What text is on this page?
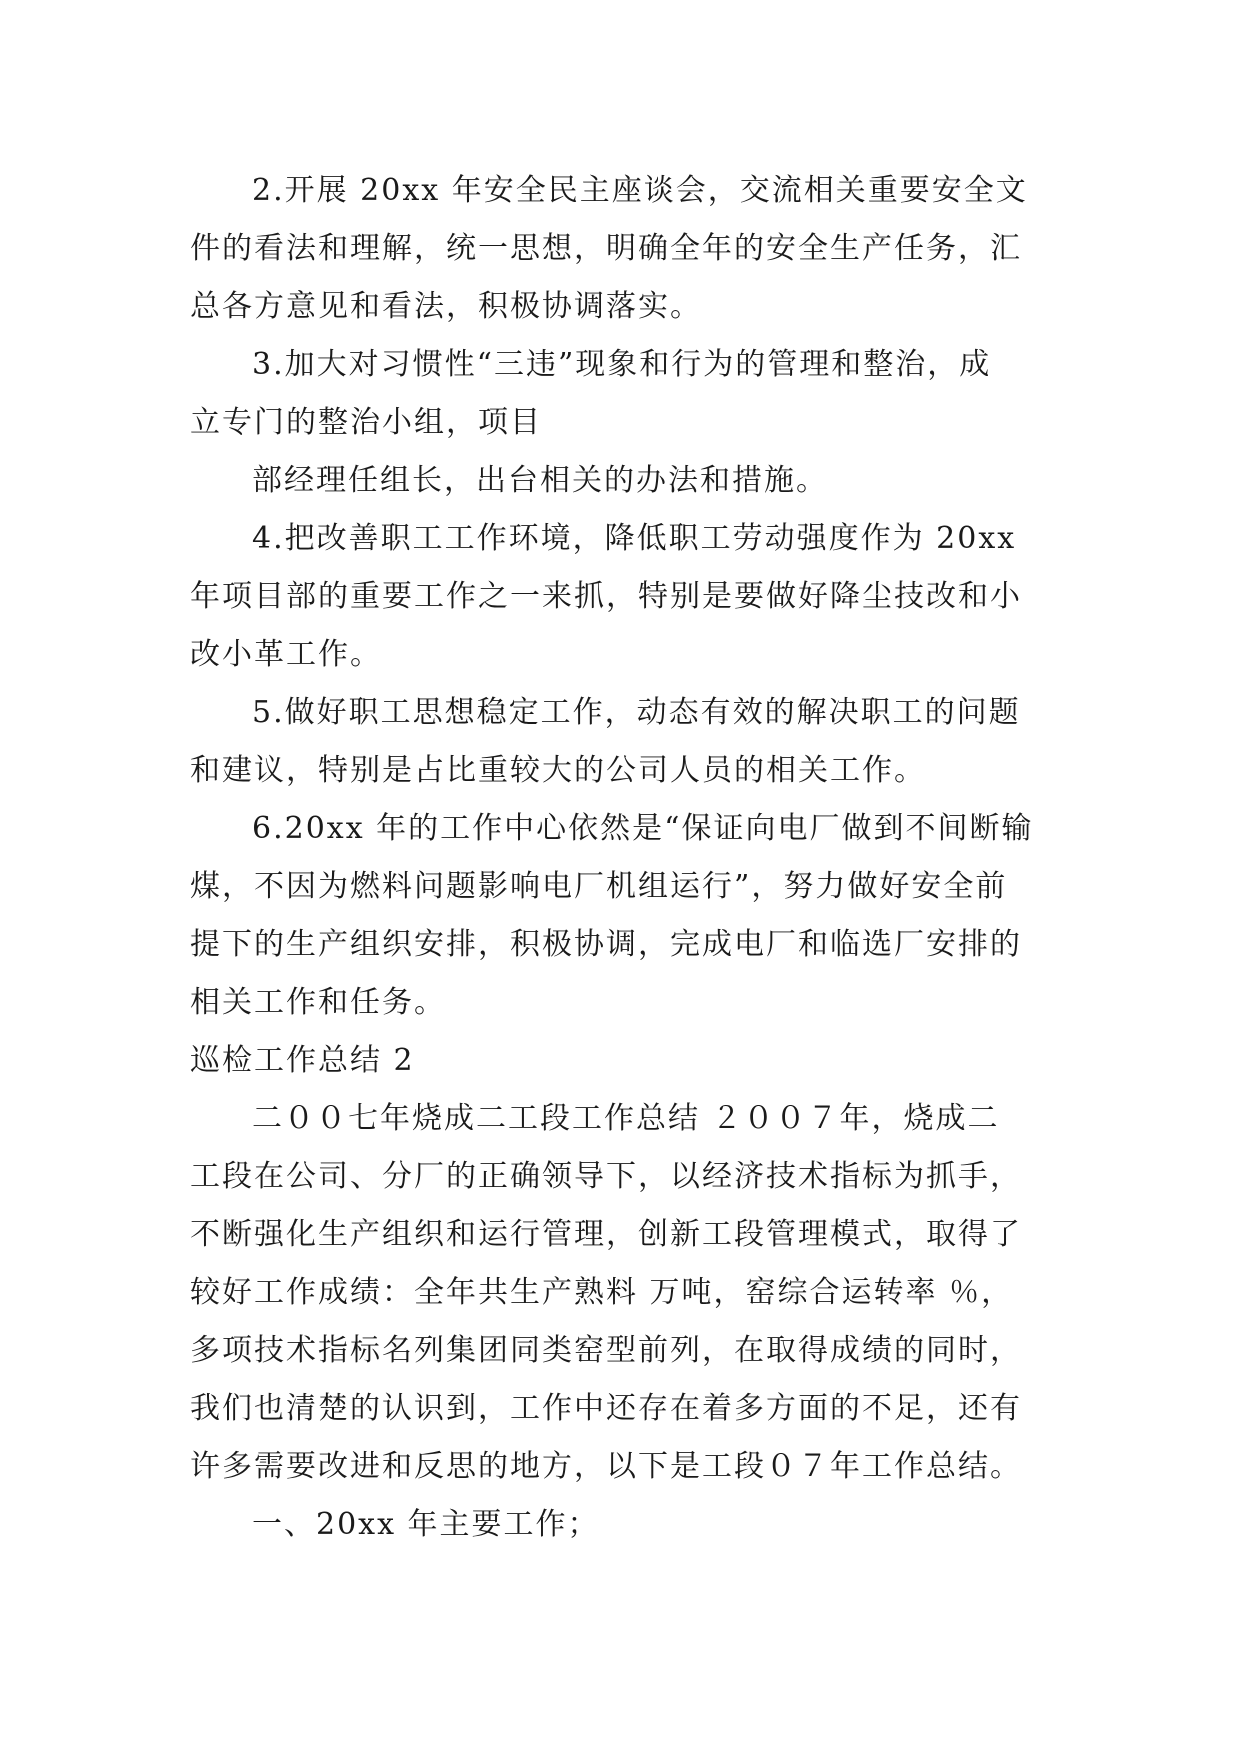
2.开展 20xx 年安全民主座谈会，交流相关重要安全文

件的看法和理解，统一思想，明确全年的安全生产任务，汇

总各方意见和看法，积极协调落实。

3.加大对习惯性“三违”现象和行为的管理和整治，成

立专门的整治小组，项目

部经理任组长，出台相关的办法和措施。

4.把改善职工工作环境，降低职工劳动强度作为 20xx

年项目部的重要工作之一来抓，特别是要做好降尘技改和小

改小革工作。

5.做好职工思想稳定工作，动态有效的解决职工的问题

和建议，特别是占比重较大的公司人员的相关工作。

6.20xx 年的工作中心依然是“保证向电厂做到不间断输

煤，不因为燃料问题影响电厂机组运行”，努力做好安全前

提下的生产组织安排，积极协调，完成电厂和临选厂安排的

相关工作和任务。

巡检工作总结 2

二００七年烧成二工段工作总结 ２００７年，烧成二

工段在公司、分厂的正确领导下，以经济技术指标为抓手，

不断强化生产组织和运行管理，创新工段管理模式，取得了

较好工作成绩：全年共生产熟料 万吨，窑综合运转率 ％，

多项技术指标名列集团同类窑型前列，在取得成绩的同时，

我们也清楚的认识到，工作中还存在着多方面的不足，还有

许多需要改进和反思的地方，以下是工段０７年工作总结。

一、20xx 年主要工作；
